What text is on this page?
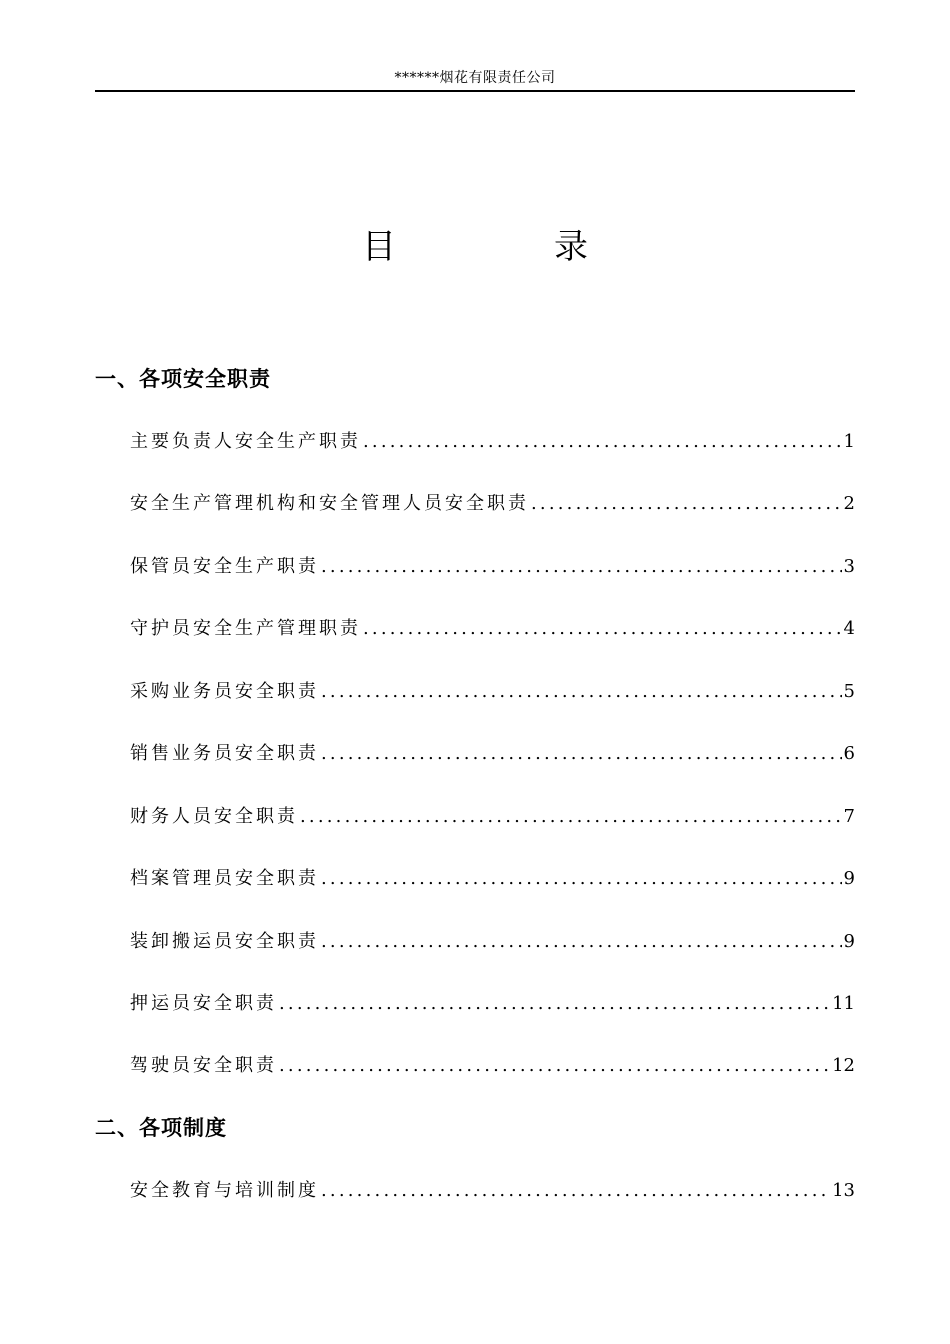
******烟花有限责任公司
目	录
一、各项安全职责
主要负责人安全生产职责 .....	1
安全生产管理机构和安全管理人员安全职责 .....	2
保管员安全生产职责 .....	3
守护员安全生产管理职责 .....	4
采购业务员安全职责 .....	5
销售业务员安全职责 .....	6
财务人员安全职责 .....	7
档案管理员安全职责 .....	9
装卸搬运员安全职责 .....	9
押运员安全职责 .....	11
驾驶员安全职责 .....	12
二、各项制度
安全教育与培训制度 .....	13
